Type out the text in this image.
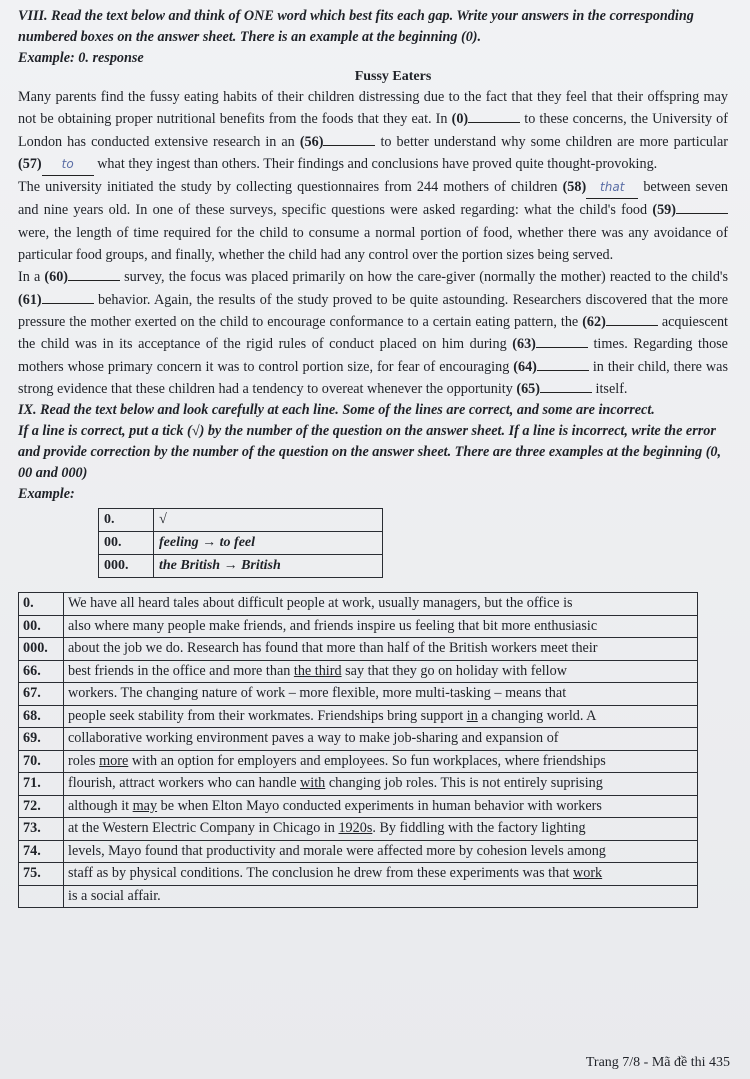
VIII. Read the text below and think of ONE word which best fits each gap. Write your answers in the corresponding numbered boxes on the answer sheet. There is an example at the beginning (0).

Example: 0. response

Fussy Eaters

Many parents find the fussy eating habits of their children distressing due to the fact that they feel that their offspring may not be obtaining proper nutritional benefits from the foods that they eat. In (0)	to these concerns, the University of London has conducted extensive research in an (56)	to better understand why some children are more particular (57) to what they ingest than others. Their findings and conclusions have proved quite thought-provoking.

The university initiated the study by collecting questionnaires from 244 mothers of children (58) that between seven and nine years old. In one of these surveys, specific questions were asked regarding: what the child's food (59) were, the length of time required for the child to consume a normal portion of food, whether there was any avoidance of particular food groups, and finally, whether the child had any control over the portion sizes being served.

In a (60)	survey, the focus was placed primarily on how the care-giver (normally the mother) reacted to the child's (61)	behavior. Again, the results of the study proved to be quite astounding. Researchers discovered that the more pressure the mother exerted on the child to encourage conformance to a certain eating pattern, the (62)	acquiescent the child was in its acceptance of the rigid rules of conduct placed on him during (63)	times. Regarding those mothers whose primary concern it was to control portion size, for fear of encouraging (64)	in their child, there was strong evidence that these children had a tendency to overeat whenever the opportunity (65)	itself.

IX. Read the text below and look carefully at each line. Some of the lines are correct, and some are incorrect.

If a line is correct, put a tick (√) by the number of the question on the answer sheet. If a line is incorrect, write the error and provide correction by the number of the question on the answer sheet. There are three examples at the beginning (0, 00 and 000)

Example:

0.	√
00.	feeling → to feel
000.	the British → British
0.	We have all heard tales about difficult people at work, usually managers, but the office is
00.	also where many people make friends, and friends inspire us feeling that bit more enthusiasic
000.	about the job we do. Research has found that more than half of the British workers meet their
66.	best friends in the office and more than the third say that they go on holiday with fellow
67.	workers. The changing nature of work – more flexible, more multi-tasking – means that
68.	people seek stability from their workmates. Friendships bring support in a changing world. A
69.	collaborative working environment paves a way to make job-sharing and expansion of
70.	roles more with an option for employers and employees. So fun workplaces, where friendships
71.	flourish, attract workers who can handle with changing job roles. This is not entirely suprising
72.	although it may be when Elton Mayo conducted experiments in human behavior with workers
73.	at the Western Electric Company in Chicago in 1920s. By fiddling with the factory lighting
74.	levels, Mayo found that productivity and morale were affected more by cohesion levels among
75.	staff as by physical conditions. The conclusion he drew from these experiments was that work
	is a social affair.
Trang 7/8 - Mã đề thi 435
